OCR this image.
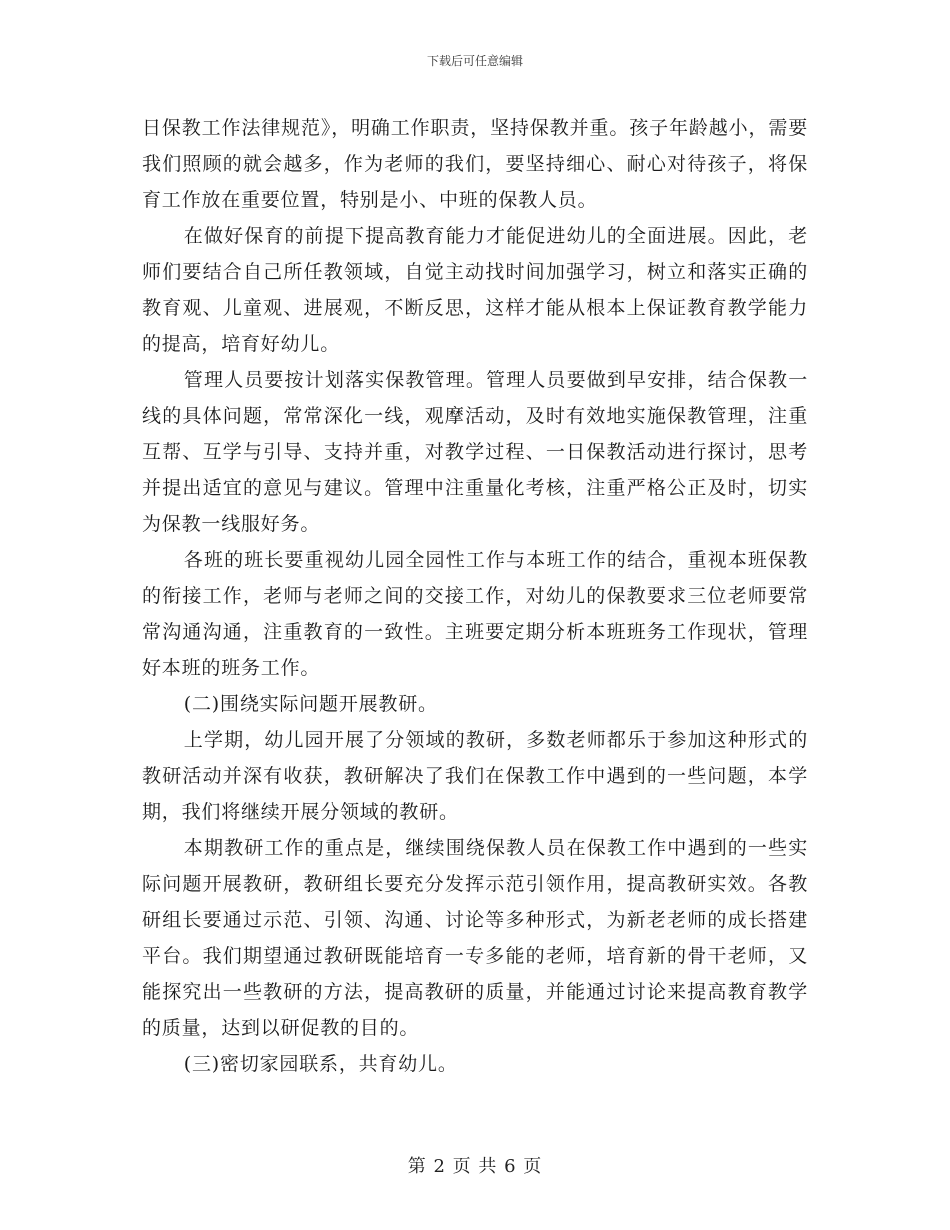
下载后可任意编辑

日保教工作法律规范》，明确工作职责，坚持保教并重。孩子年龄越小，需要我们照顾的就会越多，作为老师的我们，要坚持细心、耐心对待孩子，将保育工作放在重要位置，特别是小、中班的保教人员。

在做好保育的前提下提高教育能力才能促进幼儿的全面进展。因此，老师们要结合自己所任教领域，自觉主动找时间加强学习，树立和落实正确的教育观、儿童观、进展观，不断反思，这样才能从根本上保证教育教学能力的提高，培育好幼儿。

管理人员要按计划落实保教管理。管理人员要做到早安排，结合保教一线的具体问题，常常深化一线，观摩活动，及时有效地实施保教管理，注重互帮、互学与引导、支持并重，对教学过程、一日保教活动进行探讨，思考并提出适宜的意见与建议。管理中注重量化考核，注重严格公正及时，切实为保教一线服好务。

各班的班长要重视幼儿园全园性工作与本班工作的结合，重视本班保教的衔接工作，老师与老师之间的交接工作，对幼儿的保教要求三位老师要常常沟通沟通，注重教育的一致性。主班要定期分析本班班务工作现状，管理好本班的班务工作。

(二)围绕实际问题开展教研。

上学期，幼儿园开展了分领域的教研，多数老师都乐于参加这种形式的教研活动并深有收获，教研解决了我们在保教工作中遇到的一些问题，本学期，我们将继续开展分领域的教研。

本期教研工作的重点是，继续围绕保教人员在保教工作中遇到的一些实际问题开展教研，教研组长要充分发挥示范引领作用，提高教研实效。各教研组长要通过示范、引领、沟通、讨论等多种形式，为新老老师的成长搭建平台。我们期望通过教研既能培育一专多能的老师，培育新的骨干老师，又能探究出一些教研的方法，提高教研的质量，并能通过讨论来提高教育教学的质量，达到以研促教的目的。

(三)密切家园联系，共育幼儿。

第 2 页 共 6 页
